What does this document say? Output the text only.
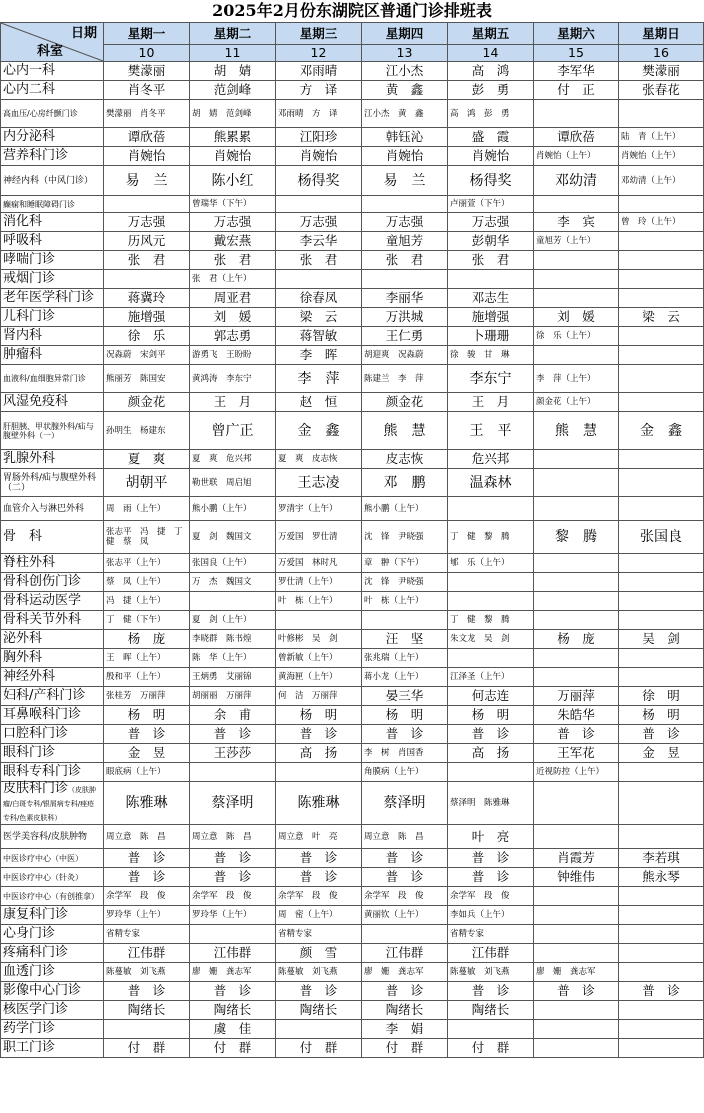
2025年2月份东湖院区普通门诊排班表
日期
科室	星期一	星期二	星期三	星期四	星期五	星期六	星期日
	10	11	12	13	14	15	16
心内一科	樊濛丽	胡　婧	邓雨晴	江小杰	高　鸿	李军华	樊濛丽
心内二科	肖冬平	范剑峰	方　译	黄　鑫	彭　勇	付　正	张春花
高血压/心房纤颤门诊	樊濛丽　肖冬平	胡　婧　范剑峰	邓雨晴　方　译	江小杰　黄　鑫	高　鸿　彭　勇		
内分泌科	谭欣蓓	熊累累	江阳珍	韩钰沁	盛　霞	谭欣蓓	陆　青（上午）
营养科门诊	肖婉怡	肖婉怡	肖婉怡	肖婉怡	肖婉怡	肖婉怡（上午）	肖婉怡（上午）
神经内科（中风门诊）	易　兰	陈小红	杨得奖	易　兰	杨得奖	邓幼清	邓幼清（上午）
癫痫和睡眠障碍门诊		曾瑞华（下午）			卢丽萱（下午）		
消化科	万志强	万志强	万志强	万志强	万志强	李　宾	曾　玲（上午）
呼吸科	历风元	戴宏燕	李云华	童旭芳	彭朝华	童旭芳（上午）	
哮喘门诊	张　君	张　君	张　君	张　君	张　君		
戒烟门诊		张　君（上午）					
老年医学科门诊	蒋冀玲	周亚君	徐春凤	李丽华	邓志生		
儿科门诊	施增强	刘　媛	梁　云	万洪城	施增强	刘　媛	梁　云
肾内科	徐　乐	郭志勇	蒋智敏	王仁勇	卜珊珊	徐　乐（上午）	
肿瘤科	况淼蔚　宋剑平	游勇飞　王盼盼	李　晖	胡迎爽　况淼蔚	徐　骏　甘　琳		
血液科/血细胞异常门诊	熊丽芳　陈国安	黄鸿涛　李东宁	李　萍	陈建兰　李　萍	李东宁	李　萍（上午）	
风湿免疫科	颜金花	王　月	赵　恒	颜金花	王　月	颜金花（上午）	
肝胆胰、甲状腺外科/疝与腹壁外科（一）	孙明生　杨建东	曾广正	金　鑫	熊　慧	王　平	熊　慧	金　鑫
乳腺外科	夏　爽	夏　爽　危兴邦	夏　爽　皮志恢	皮志恢	危兴邦		
胃肠外科/疝与腹壁外科（二）	胡朝平	勒世联　周启旭	王志凌	邓　鹏	温森林		
血管介入与淋巴外科	周　雨（上午）	熊小鹏（上午）	罗清宇（上午）	熊小鹏（上午）			
骨　科	张志平　冯　捷　丁　健　蔡　凤	夏　剑　魏国文	万爱国　罗仕清	沈　锋　尹晓强	丁　健　黎　腾	黎　腾	张国良
脊柱外科	张志平（上午）	张国良（上午）	万爱国　林时凡	章　翀（下午）	郇　乐（上午）		
骨科创伤门诊	蔡　凤（上午）	万　杰　魏国文	罗仕清（上午）	沈　锋　尹晓强			
骨科运动医学	冯　捷（上午）		叶　栋（上午）	叶　栋（上午）			
骨科关节外科	丁　健（下午）	夏　剑（上午）			丁　健　黎　腾		
泌外科	杨　庞	李晓群　陈书煌	叶修彬　吴　剑	汪　坚	朱文龙　吴　剑	杨　庞	吴　剑
胸外科	王　晖（上午）	陈　华（上午）	曾新敏（上午）	张兆瑞（上午）			
神经外科	殷和平（上午）	王炳勇　艾丽锦	黄海匣（上午）	蒋小龙（上午）	江泽圣（上午）		
妇科/产科门诊	张桂芳　万丽萍	胡丽丽　万丽萍	何　洁　万丽萍	晏三华	何志连	万丽萍	徐　明
耳鼻喉科门诊	杨　明	余　甫	杨　明	杨　明	杨　明	朱皓华	杨　明
口腔科门诊	普　诊	普　诊	普　诊	普　诊	普　诊	普　诊	普　诊
眼科门诊	金　昱	王莎莎	高　扬	李　树　肖国香	高　扬	王军花	金　昱
眼科专科门诊	眼底病（上午）			角膜病（上午）		近视防控（上午）	
皮肤科门诊（皮肤肿瘤/白斑专科/银屑病专科/痤疮专科/色素皮肤科）	陈雅琳	蔡泽明	陈雅琳	蔡泽明	蔡泽明　陈雅琳		
医学美容科/皮肤肿物	周立意　陈　昌	周立意　陈　昌	周立意　叶　亮	周立意　陈　昌	叶　亮		
中医诊疗中心（中医）	普　诊	普　诊	普　诊	普　诊	普　诊	肖霞芳	李若琪
中医诊疗中心（针灸）	普　诊	普　诊	普　诊	普　诊	普　诊	钟维伟	熊永琴
中医诊疗中心（有创推拿）	余学军　段　俊	余学军　段　俊	余学军　段　俊	余学军　段　俊	余学军　段　俊		
康复科门诊	罗玲华（上午）	罗玲华（上午）	周　密（上午）	黄丽钦（上午）	李如兵（上午）		
心身门诊	省精专家		省精专家		省精专家		
疼痛科门诊	江伟群	江伟群	颜　雪	江伟群	江伟群		
血透门诊	陈蔓敏　刘飞燕	廖　姗　龚志军	陈蔓敏　刘飞燕	廖　姗　龚志军	陈蔓敏　刘飞燕	廖　姗　龚志军	
影像中心门诊	普　诊	普　诊	普　诊	普　诊	普　诊	普　诊	普　诊
核医学门诊	陶绪长	陶绪长	陶绪长	陶绪长	陶绪长		
药学门诊		虞　佳		李　娟			
职工门诊	付　群	付　群	付　群	付　群	付　群		
